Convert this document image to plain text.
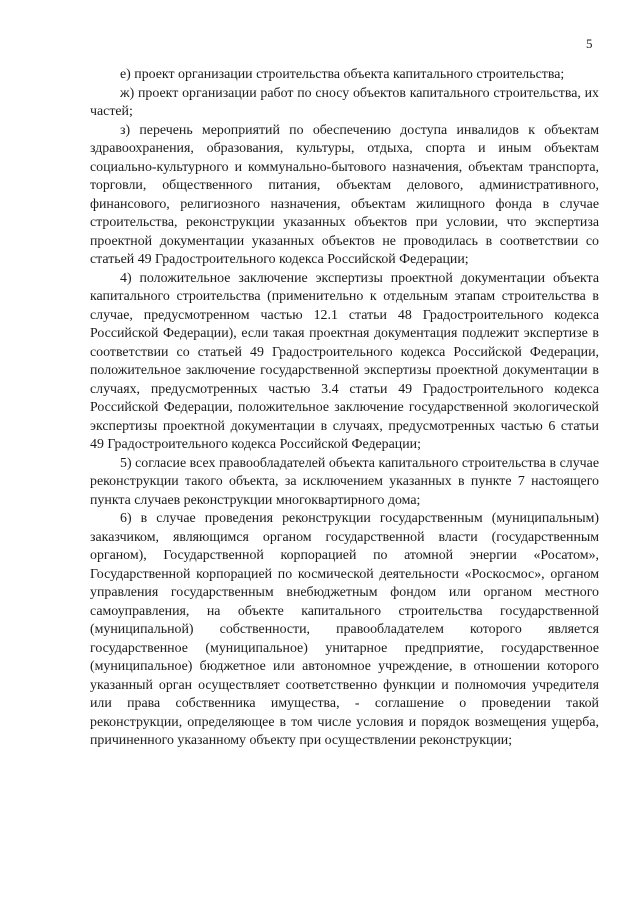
5

е) проект организации строительства объекта капитального строительства;

ж) проект организации работ по сносу объектов капитального строительства, их частей;

з) перечень мероприятий по обеспечению доступа инвалидов к объектам здравоохранения, образования, культуры, отдыха, спорта и иным объектам социально-культурного и коммунально-бытового назначения, объектам транспорта, торговли, общественного питания, объектам делового, административного, финансового, религиозного назначения, объектам жилищного фонда в случае строительства, реконструкции указанных объектов при условии, что экспертиза проектной документации указанных объектов не проводилась в соответствии со статьей 49 Градостроительного кодекса Российской Федерации;

4) положительное заключение экспертизы проектной документации объекта капитального строительства (применительно к отдельным этапам строительства в случае, предусмотренном частью 12.1 статьи 48 Градостроительного кодекса Российской Федерации), если такая проектная документация подлежит экспертизе в соответствии со статьей 49 Градостроительного кодекса Российской Федерации, положительное заключение государственной экспертизы проектной документации в случаях, предусмотренных частью 3.4 статьи 49 Градостроительного кодекса Российской Федерации, положительное заключение государственной экологической экспертизы проектной документации в случаях, предусмотренных частью 6 статьи 49 Градостроительного кодекса Российской Федерации;

5) согласие всех правообладателей объекта капитального строительства в случае реконструкции такого объекта, за исключением указанных в пункте 7 настоящего пункта случаев реконструкции многоквартирного дома;

6) в случае проведения реконструкции государственным (муниципальным) заказчиком, являющимся органом государственной власти (государственным органом), Государственной корпорацией по атомной энергии «Росатом», Государственной корпорацией по космической деятельности «Роскосмос», органом управления государственным внебюджетным фондом или органом местного самоуправления, на объекте капитального строительства государственной (муниципальной) собственности, правообладателем которого является государственное (муниципальное) унитарное предприятие, государственное (муниципальное) бюджетное или автономное учреждение, в отношении которого указанный орган осуществляет соответственно функции и полномочия учредителя или права собственника имущества, - соглашение о проведении такой реконструкции, определяющее в том числе условия и порядок возмещения ущерба, причиненного указанному объекту при осуществлении реконструкции;
